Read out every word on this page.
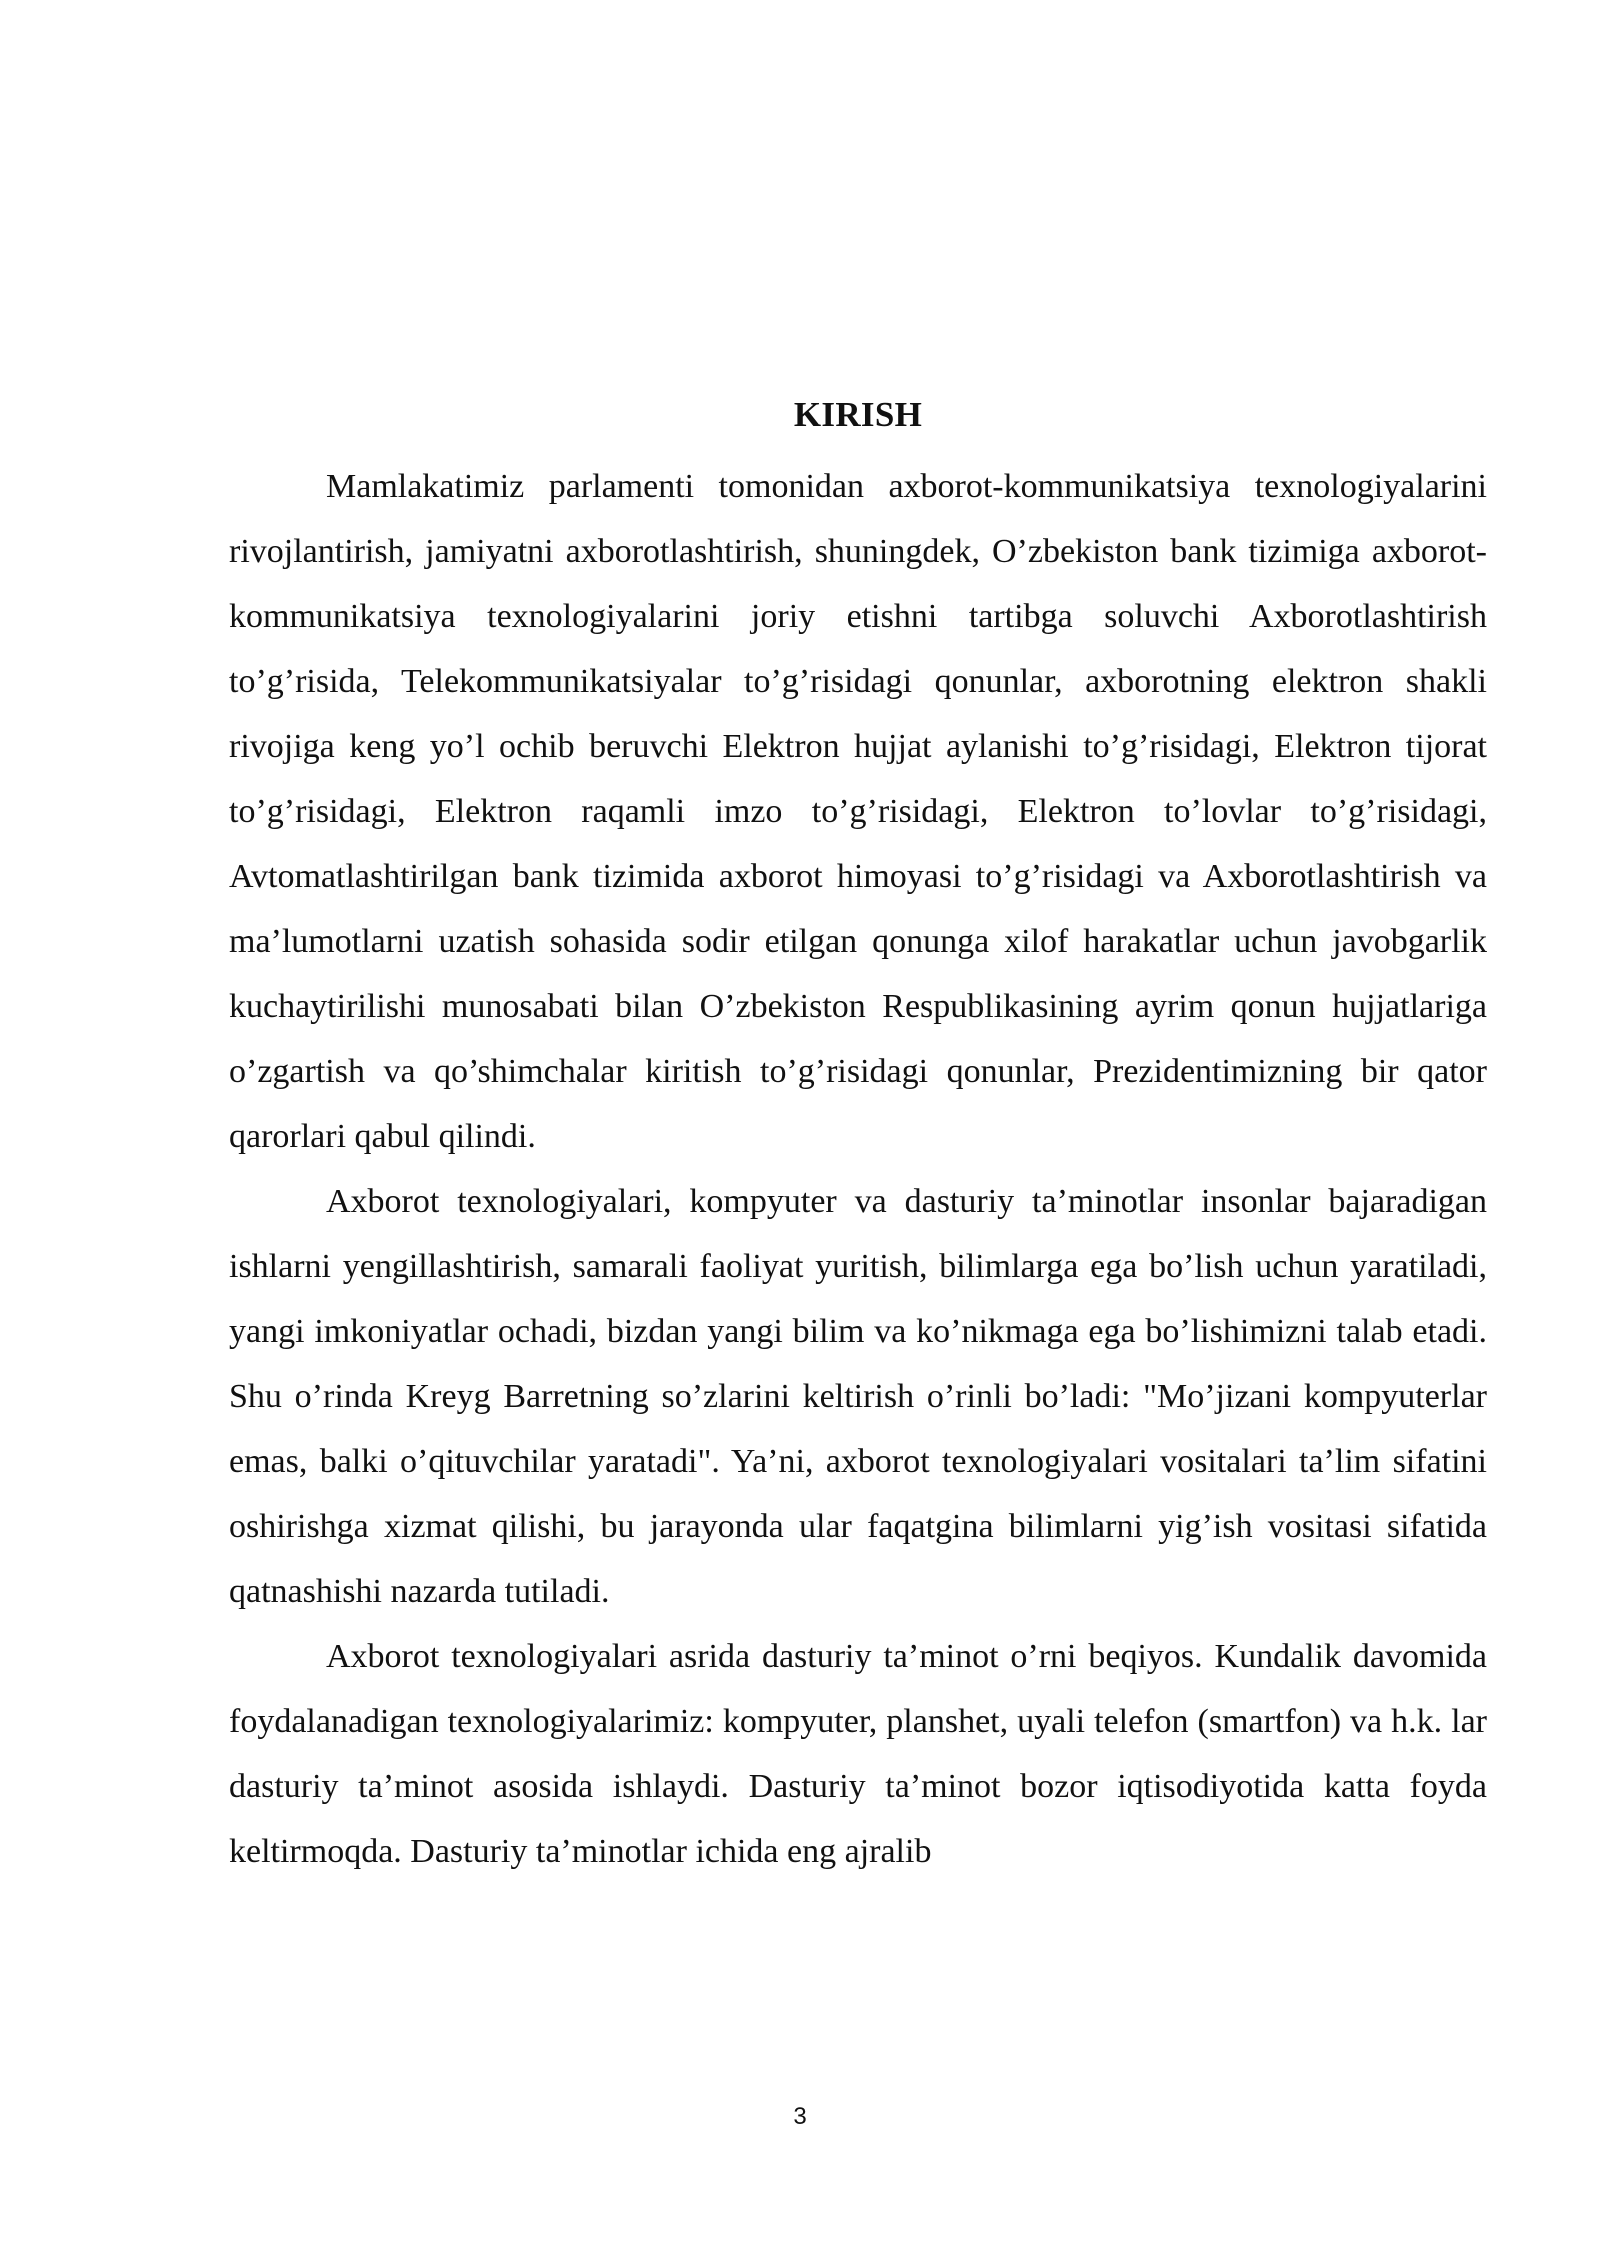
KIRISH

Mamlakatimiz parlamenti tomonidan axborot-kommunikatsiya texnologiyalarini rivojlantirish, jamiyatni axborotlashtirish, shuningdek, O’zbekiston bank tizimiga axborot-kommunikatsiya texnologiyalarini joriy etishni tartibga soluvchi Axborotlashtirish to’g’risida, Telekommunikatsiyalar to’g’risidagi qonunlar, axborotning elektron shakli rivojiga keng yo’l ochib beruvchi Elektron hujjat aylanishi to’g’risidagi, Elektron tijorat to’g’risidagi, Elektron raqamli imzo to’g’risidagi, Elektron to’lovlar to’g’risidagi, Avtomatlashtirilgan bank tizimida axborot himoyasi to’g’risidagi va Axborotlashtirish va ma’lumotlarni uzatish sohasida sodir etilgan qonunga xilof harakatlar uchun javobgarlik kuchaytirilishi munosabati bilan O’zbekiston Respublikasining ayrim qonun hujjatlariga o’zgartish va qo’shimchalar kiritish to’g’risidagi qonunlar, Prezidentimizning bir qator qarorlari qabul qilindi.

Axborot texnologiyalari, kompyuter va dasturiy ta’minotlar insonlar bajaradigan ishlarni yengillashtirish, samarali faoliyat yuritish, bilimlarga ega bo’lish uchun yaratiladi, yangi imkoniyatlar ochadi, bizdan yangi bilim va ko’nikmaga ega bo’lishimizni talab etadi. Shu o’rinda Kreyg Barretning so’zlarini keltirish o’rinli bo’ladi: "Mo’jizani kompyuterlar emas, balki o’qituvchilar yaratadi". Ya’ni, axborot texnologiyalari vositalari ta’lim sifatini oshirishga xizmat qilishi, bu jarayonda ular faqatgina bilimlarni yig’ish vositasi sifatida qatnashishi nazarda tutiladi.

Axborot texnologiyalari asrida dasturiy ta’minot o’rni beqiyos. Kundalik davomida foydalanadigan texnologiyalarimiz: kompyuter, planshet, uyali telefon (smartfon) va h.k. lar dasturiy ta’minot asosida ishlaydi. Dasturiy ta’minot bozor iqtisodiyotida katta foyda keltirmoqda. Dasturiy ta’minotlar ichida eng ajralib

3
